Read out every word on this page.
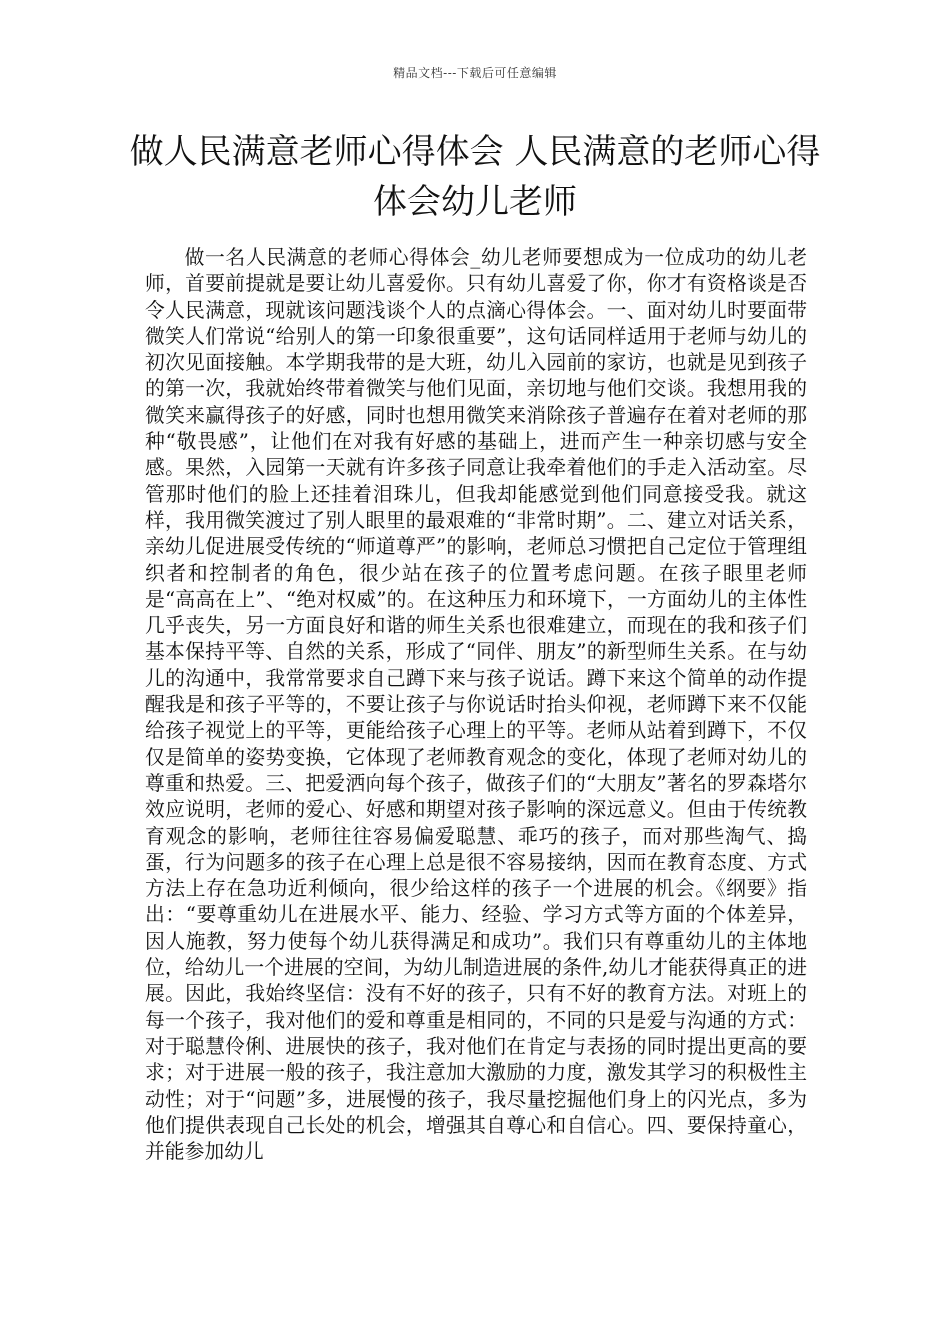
精品文档---下载后可任意编辑
做人民满意老师心得体会 人民满意的老师心得体会幼儿老师

做一名人民满意的老师心得体会_幼儿老师要想成为一位成功的幼儿老师，首要前提就是要让幼儿喜爱你。只有幼儿喜爱了你，你才有资格谈是否令人民满意，现就该问题浅谈个人的点滴心得体会。一、面对幼儿时要面带微笑人们常说“给别人的第一印象很重要”，这句话同样适用于老师与幼儿的初次见面接触。本学期我带的是大班，幼儿入园前的家访，也就是见到孩子的第一次，我就始终带着微笑与他们见面，亲切地与他们交谈。我想用我的微笑来赢得孩子的好感，同时也想用微笑来消除孩子普遍存在着对老师的那种“敬畏感”，让他们在对我有好感的基础上，进而产生一种亲切感与安全感。果然，入园第一天就有许多孩子同意让我牵着他们的手走入活动室。尽管那时他们的脸上还挂着泪珠儿，但我却能感觉到他们同意接受我。就这样，我用微笑渡过了别人眼里的最艰难的“非常时期”。二、建立对话关系，亲幼儿促进展受传统的“师道尊严”的影响，老师总习惯把自己定位于管理组织者和控制者的角色，很少站在孩子的位置考虑问题。在孩子眼里老师是“高高在上”、“绝对权威”的。在这种压力和环境下，一方面幼儿的主体性几乎丧失，另一方面良好和谐的师生关系也很难建立，而现在的我和孩子们基本保持平等、自然的关系，形成了“同伴、朋友”的新型师生关系。在与幼儿的沟通中，我常常要求自己蹲下来与孩子说话。蹲下来这个简单的动作提醒我是和孩子平等的，不要让孩子与你说话时抬头仰视，老师蹲下来不仅能给孩子视觉上的平等，更能给孩子心理上的平等。老师从站着到蹲下，不仅仅是简单的姿势变换，它体现了老师教育观念的变化，体现了老师对幼儿的尊重和热爱。三、把爱洒向每个孩子，做孩子们的“大朋友”著名的罗森塔尔效应说明，老师的爱心、好感和期望对孩子影响的深远意义。但由于传统教育观念的影响，老师往往容易偏爱聪慧、乖巧的孩子，而对那些淘气、捣蛋，行为问题多的孩子在心理上总是很不容易接纳，因而在教育态度、方式方法上存在急功近利倾向，很少给这样的孩子一个进展的机会。《纲要》指出：“要尊重幼儿在进展水平、能力、经验、学习方式等方面的个体差异，因人施教，努力使每个幼儿获得满足和成功”。我们只有尊重幼儿的主体地位，给幼儿一个进展的空间，为幼儿制造进展的条件,幼儿才能获得真正的进展。因此，我始终坚信：没有不好的孩子，只有不好的教育方法。对班上的每一个孩子，我对他们的爱和尊重是相同的，不同的只是爱与沟通的方式：对于聪慧伶俐、进展快的孩子，我对他们在肯定与表扬的同时提出更高的要求；对于进展一般的孩子，我注意加大激励的力度，激发其学习的积极性主动性；对于“问题”多，进展慢的孩子，我尽量挖掘他们身上的闪光点，多为他们提供表现自己长处的机会，增强其自尊心和自信心。四、要保持童心，并能参加幼儿
